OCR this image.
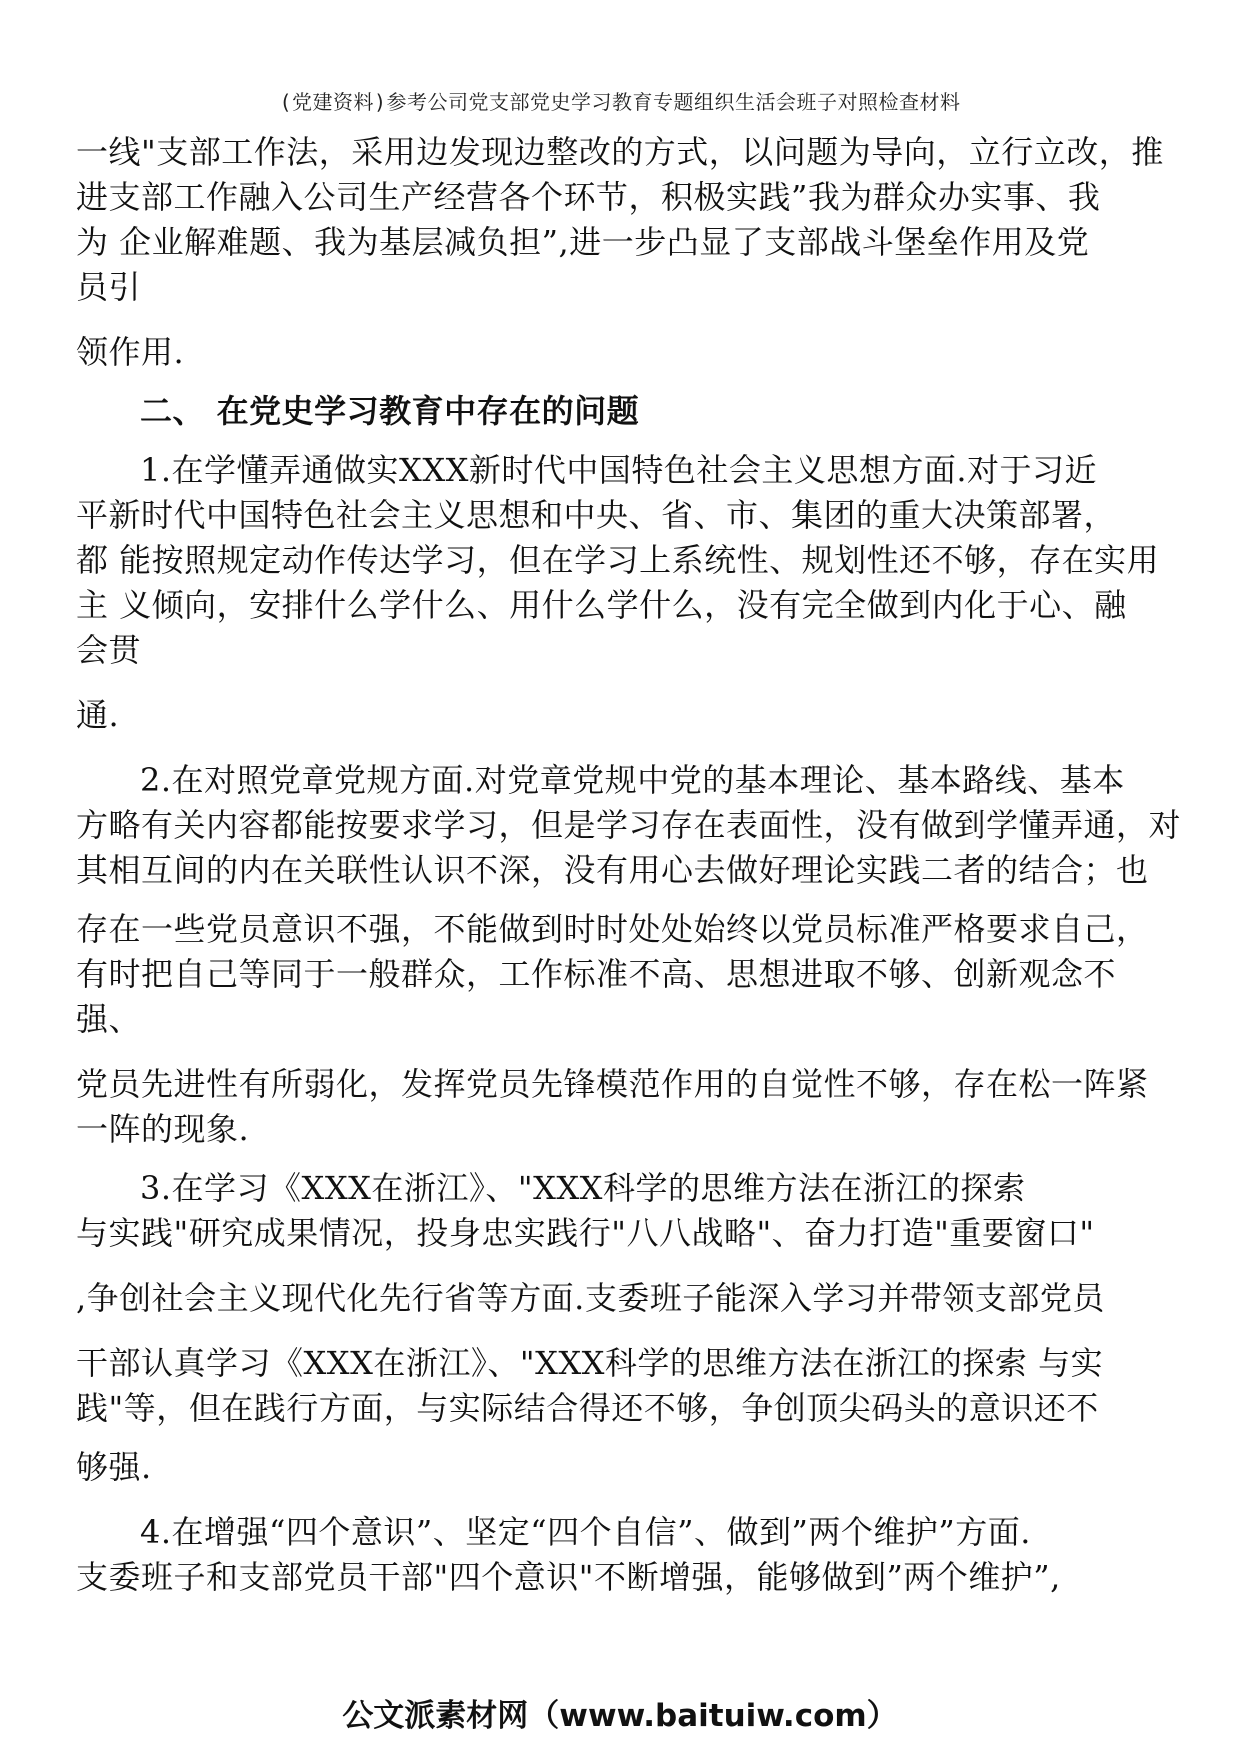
(党建资料)参考公司党支部党史学习教育专题组织生活会班子对照检查材料
一线"支部工作法，采用边发现边整改的方式，以问题为导向，立行立改，推
进支部工作融入公司生产经营各个环节，积极实践”我为群众办实事、我
为 企业解难题、我为基层减负担”,进一步凸显了支部战斗堡垒作用及党
员引
领作用.
二、 在党史学习教育中存在的问题
1.在学懂弄通做实XXX新时代中国特色社会主义思想方面.对于习近
平新时代中国特色社会主义思想和中央、省、市、集团的重大决策部署，
都 能按照规定动作传达学习，但在学习上系统性、规划性还不够，存在实用
主 义倾向，安排什么学什么、用什么学什么，没有完全做到内化于心、融
会贯
通.
2.在对照党章党规方面.对党章党规中党的基本理论、基本路线、基本
方略有关内容都能按要求学习，但是学习存在表面性，没有做到学懂弄通，对
其相互间的内在关联性认识不深，没有用心去做好理论实践二者的结合；也
存在一些党员意识不强，不能做到时时处处始终以党员标准严格要求自己，
有时把自己等同于一般群众，工作标准不高、思想进取不够、创新观念不
强、
党员先进性有所弱化，发挥党员先锋模范作用的自觉性不够，存在松一阵紧
一阵的现象.
3.在学习《XXX在浙江》、"XXX科学的思维方法在浙江的探索
与实践"研究成果情况，投身忠实践行"八八战略"、奋力打造"重要窗口"
,争创社会主义现代化先行省等方面.支委班子能深入学习并带领支部党员
干部认真学习《XXX在浙江》、"XXX科学的思维方法在浙江的探索 与实
践"等，但在践行方面，与实际结合得还不够，争创顶尖码头的意识还不
够强.
4.在增强“四个意识”、坚定“四个自信”、做到”两个维护”方面.
支委班子和支部党员干部"四个意识"不断增强，能够做到”两个维护”,
公文派素材网（www.baituiw.com）
